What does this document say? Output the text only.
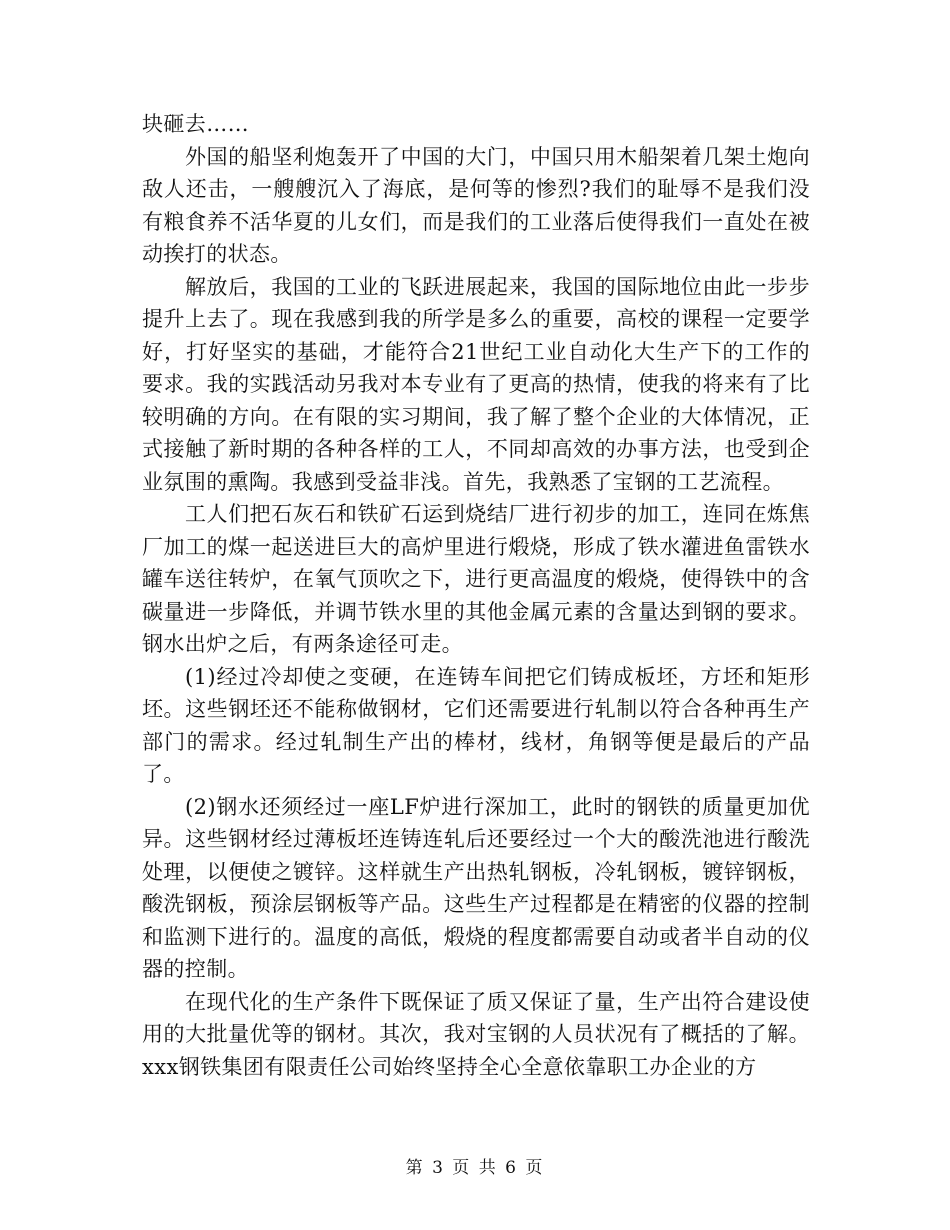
块砸去……

外国的船坚利炮轰开了中国的大门，中国只用木船架着几架土炮向敌人还击，一艘艘沉入了海底，是何等的惨烈?我们的耻辱不是我们没有粮食养不活华夏的儿女们，而是我们的工业落后使得我们一直处在被动挨打的状态。

解放后，我国的工业的飞跃进展起来，我国的国际地位由此一步步提升上去了。现在我感到我的所学是多么的重要，高校的课程一定要学好，打好坚实的基础，才能符合21世纪工业自动化大生产下的工作的要求。我的实践活动另我对本专业有了更高的热情，使我的将来有了比较明确的方向。在有限的实习期间，我了解了整个企业的大体情况，正式接触了新时期的各种各样的工人，不同却高效的办事方法，也受到企业氛围的熏陶。我感到受益非浅。首先，我熟悉了宝钢的工艺流程。

工人们把石灰石和铁矿石运到烧结厂进行初步的加工，连同在炼焦厂加工的煤一起送进巨大的高炉里进行煅烧，形成了铁水灌进鱼雷铁水罐车送往转炉，在氧气顶吹之下，进行更高温度的煅烧，使得铁中的含碳量进一步降低，并调节铁水里的其他金属元素的含量达到钢的要求。钢水出炉之后，有两条途径可走。

(1)经过冷却使之变硬，在连铸车间把它们铸成板坯，方坯和矩形坯。这些钢坯还不能称做钢材，它们还需要进行轧制以符合各种再生产部门的需求。经过轧制生产出的棒材，线材，角钢等便是最后的产品了。

(2)钢水还须经过一座LF炉进行深加工，此时的钢铁的质量更加优异。这些钢材经过薄板坯连铸连轧后还要经过一个大的酸洗池进行酸洗处理，以便使之镀锌。这样就生产出热轧钢板，冷轧钢板，镀锌钢板，酸洗钢板，预涂层钢板等产品。这些生产过程都是在精密的仪器的控制和监测下进行的。温度的高低，煅烧的程度都需要自动或者半自动的仪器的控制。

在现代化的生产条件下既保证了质又保证了量，生产出符合建设使用的大批量优等的钢材。其次，我对宝钢的人员状况有了概括的了解。xxx钢铁集团有限责任公司始终坚持全心全意依靠职工办企业的方

第 3 页 共 6 页
